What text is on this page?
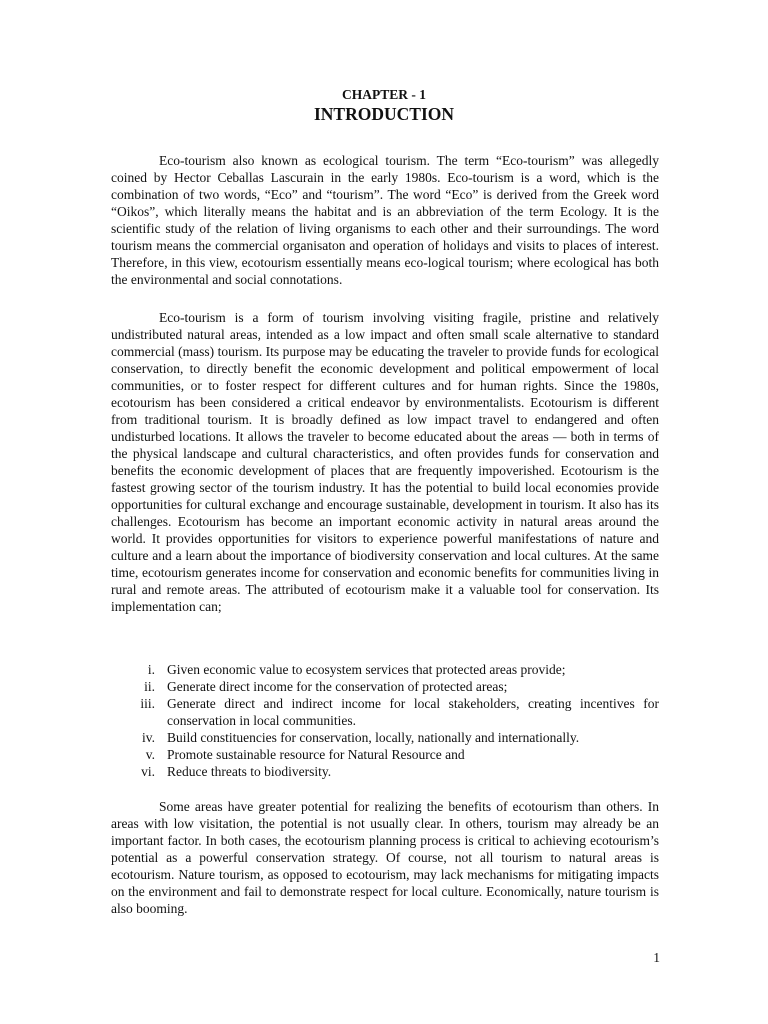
CHAPTER - 1
INTRODUCTION

Eco-tourism also known as ecological tourism. The term “Eco-tourism” was allegedly coined by Hector Ceballas Lascurain in the early 1980s. Eco-tourism is a word, which is the combination of two words, “Eco” and “tourism”. The word “Eco” is derived from the Greek word “Oikos”, which literally means the habitat and is an abbreviation of the term Ecology. It is the scientific study of the relation of living organisms to each other and their surroundings. The word tourism means the commercial organisaton and operation of holidays and visits to places of interest. Therefore, in this view, ecotourism essentially means eco-logical tourism; where ecological has both the environmental and social connotations.

Eco-tourism is a form of tourism involving visiting fragile, pristine and relatively undistributed natural areas, intended as a low impact and often small scale alternative to standard commercial (mass) tourism. Its purpose may be educating the traveler to provide funds for ecological conservation, to directly benefit the economic development and political empowerment of local communities, or to foster respect for different cultures and for human rights. Since the 1980s, ecotourism has been considered a critical endeavor by environmentalists. Ecotourism is different from traditional tourism. It is broadly defined as low impact travel to endangered and often undisturbed locations. It allows the traveler to become educated about the areas — both in terms of the physical landscape and cultural characteristics, and often provides funds for conservation and benefits the economic development of places that are frequently impoverished. Ecotourism is the fastest growing sector of the tourism industry. It has the potential to build local economies provide opportunities for cultural exchange and encourage sustainable, development in tourism. It also has its challenges. Ecotourism has become an important economic activity in natural areas around the world. It provides opportunities for visitors to experience powerful manifestations of nature and culture and a learn about the importance of biodiversity conservation and local cultures. At the same time, ecotourism generates income for conservation and economic benefits for communities living in rural and remote areas. The attributed of ecotourism make it a valuable tool for conservation. Its implementation can;

i. Given economic value to ecosystem services that protected areas provide;
ii. Generate direct income for the conservation of protected areas;
iii. Generate direct and indirect income for local stakeholders, creating incentives for conservation in local communities.
iv. Build constituencies for conservation, locally, nationally and internationally.
v. Promote sustainable resource for Natural Resource and
vi. Reduce threats to biodiversity.

Some areas have greater potential for realizing the benefits of ecotourism than others. In areas with low visitation, the potential is not usually clear. In others, tourism may already be an important factor. In both cases, the ecotourism planning process is critical to achieving ecotourism’s potential as a powerful conservation strategy. Of course, not all tourism to natural areas is ecotourism. Nature tourism, as opposed to ecotourism, may lack mechanisms for mitigating impacts on the environment and fail to demonstrate respect for local culture. Economically, nature tourism is also booming.

1
